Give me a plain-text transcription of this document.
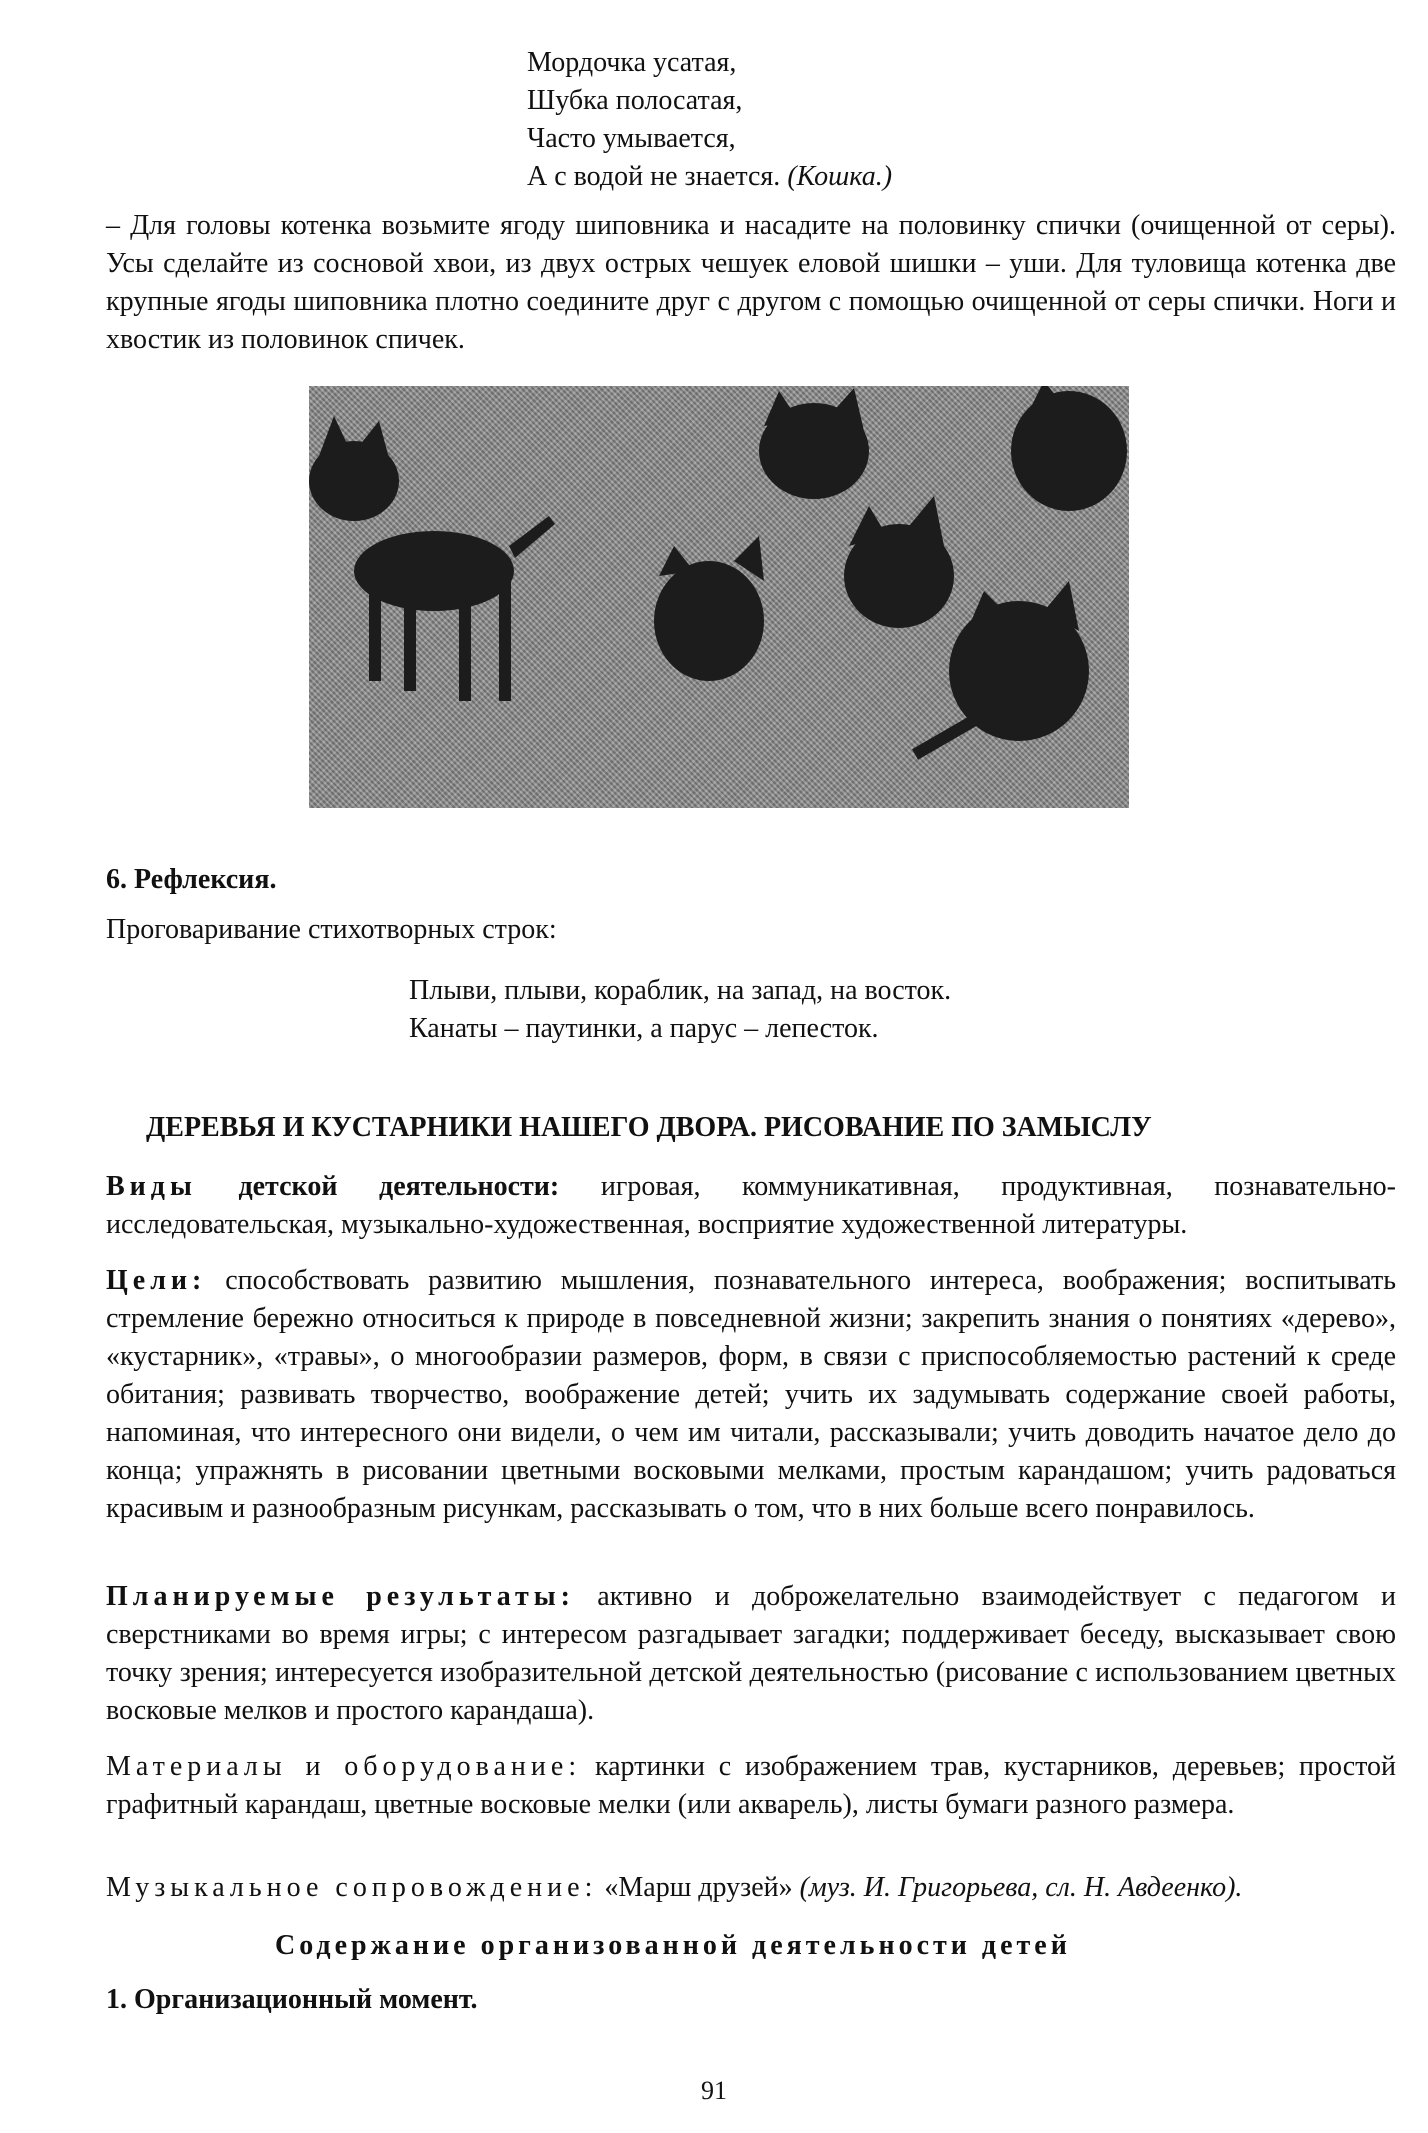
Мордочка усатая,
Шубка полосатая,
Часто умывается,
А с водой не знается. (Кошка.)
– Для головы котенка возьмите ягоду шиповника и насадите на половинку спички (очищенной от серы). Усы сделайте из сосновой хвои, из двух острых чешуек еловой шишки – уши. Для туловища котенка две крупные ягоды шиповника плотно соедините друг с другом с помощью очищенной от серы спички. Ноги и хвостик из половинок спичек.
6. Рефлексия.
Проговаривание стихотворных строк:
Плыви, плыви, кораблик, на запад, на восток.
Канаты – паутинки, а парус – лепесток.
ДЕРЕВЬЯ И КУСТАРНИКИ НАШЕГО ДВОРА. РИСОВАНИЕ ПО ЗАМЫСЛУ
Виды детской деятельности: игровая, коммуникативная, продуктивная, познавательно-исследовательская, музыкально-художественная, восприятие художественной литературы.
Цели: способствовать развитию мышления, познавательного интереса, воображения; воспитывать стремление бережно относиться к природе в повседневной жизни; закрепить знания о понятиях «дерево», «кустарник», «травы», о многообразии размеров, форм, в связи с приспособляемостью растений к среде обитания; развивать творчество, воображение детей; учить их задумывать содержание своей работы, напоминая, что интересного они видели, о чем им читали, рассказывали; учить доводить начатое дело до конца; упражнять в рисовании цветными восковыми мелками, простым карандашом; учить радоваться красивым и разнообразным рисункам, рассказывать о том, что в них больше всего понравилось.
Планируемые результаты: активно и доброжелательно взаимодействует с педагогом и сверстниками во время игры; с интересом разгадывает загадки; поддерживает беседу, высказывает свою точку зрения; интересуется изобразительной детской деятельностью (рисование с использованием цветных восковые мелков и простого карандаша).
Материалы и оборудование: картинки с изображением трав, кустарников, деревьев; простой графитный карандаш, цветные восковые мелки (или акварель), листы бумаги разного размера.
Музыкальное сопровождение: «Марш друзей» (муз. И. Григорьева, сл. Н. Авдеенко).
Содержание организованной деятельности детей
1. Организационный момент.
91
